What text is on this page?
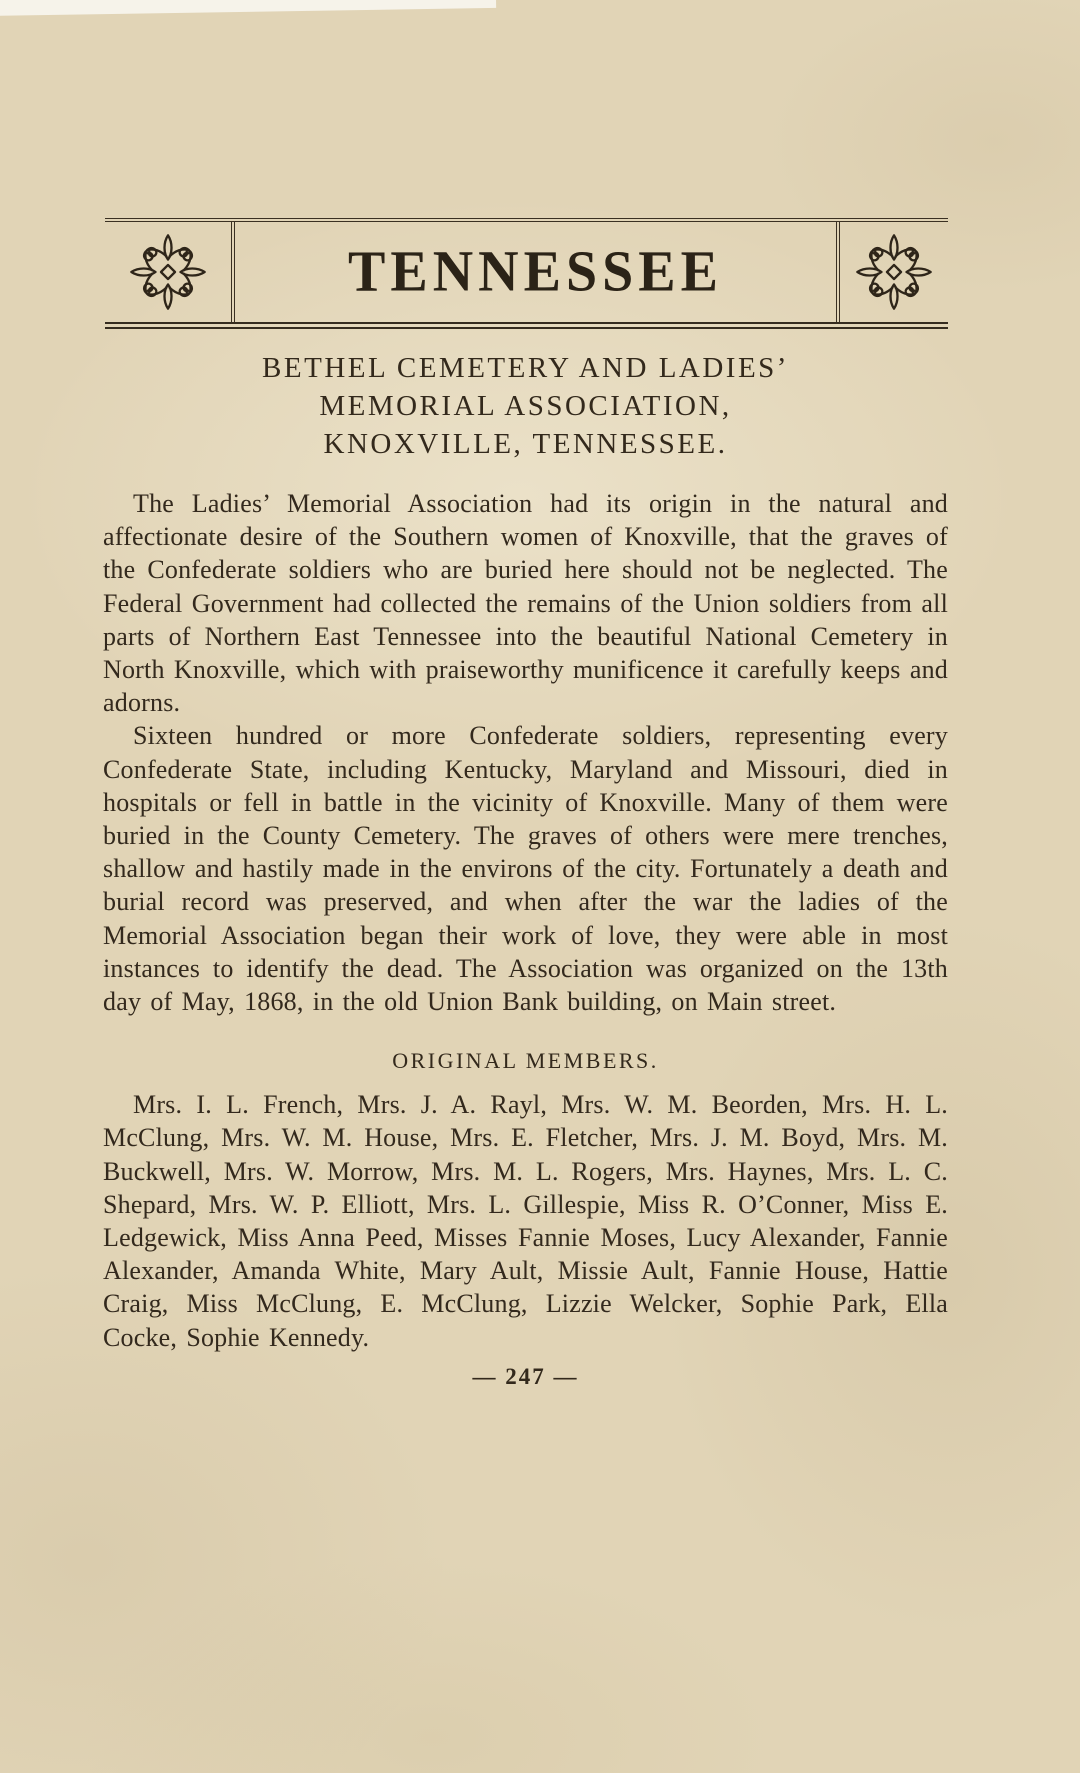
TENNESSEE
BETHEL CEMETERY AND LADIES’
MEMORIAL ASSOCIATION,
KNOXVILLE, TENNESSEE.

The Ladies’ Memorial Association had its origin in the natural and affectionate desire of the Southern women of Knoxville, that the graves of the Confederate soldiers who are buried here should not be neglected. The Federal Government had collected the remains of the Union soldiers from all parts of Northern East Tennessee into the beautiful National Cemetery in North Knoxville, which with praiseworthy munificence it carefully keeps and adorns.

Sixteen hundred or more Confederate soldiers, representing every Confederate State, including Kentucky, Maryland and Missouri, died in hospitals or fell in battle in the vicinity of Knoxville. Many of them were buried in the County Cemetery. The graves of others were mere trenches, shallow and hastily made in the environs of the city. Fortunately a death and burial record was preserved, and when after the war the ladies of the Memorial Association began their work of love, they were able in most instances to identify the dead. The Association was organized on the 13th day of May, 1868, in the old Union Bank building, on Main street.

ORIGINAL MEMBERS.

Mrs. I. L. French, Mrs. J. A. Rayl, Mrs. W. M. Beorden, Mrs. H. L. McClung, Mrs. W. M. House, Mrs. E. Fletcher, Mrs. J. M. Boyd, Mrs. M. Buckwell, Mrs. W. Morrow, Mrs. M. L. Rogers, Mrs. Haynes, Mrs. L. C. Shepard, Mrs. W. P. Elliott, Mrs. L. Gillespie, Miss R. O’Conner, Miss E. Ledgewick, Miss Anna Peed, Misses Fannie Moses, Lucy Alexander, Fannie Alexander, Amanda White, Mary Ault, Missie Ault, Fannie House, Hattie Craig, Miss McClung, E. McClung, Lizzie Welcker, Sophie Park, Ella Cocke, Sophie Kennedy.

— 247 —
